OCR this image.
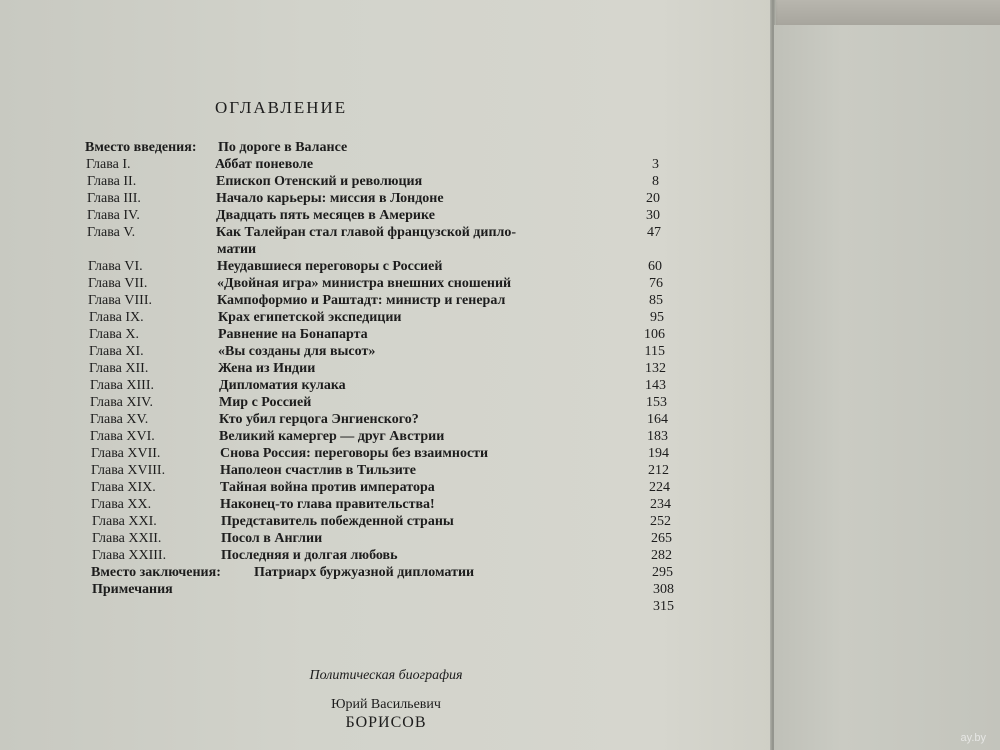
ОГЛАВЛЕНИЕ
Вместо введения: По дороге в Валансе
Глава I.	Аббат поневоле	3
Глава II.	Епископ Отенский и революция	8
Глава III.	Начало карьеры: миссия в Лондоне	20
Глава IV.	Двадцать пять месяцев в Америке	30
Глава V.	Как Талейран стал главой французской дипло-	47
матии
Глава VI.	Неудавшиеся переговоры с Россией	60
Глава VII.	«Двойная игра» министра внешних сношений	76
Глава VIII.	Кампоформио и Раштадт: министр и генерал	85
Глава IX.	Крах египетской экспедиции	95
Глава X.	Равнение на Бонапарта	106
Глава XI.	«Вы созданы для высот»	115
Глава XII.	Жена из Индии	132
Глава XIII.	Дипломатия кулака	143
Глава XIV.	Мир с Россией	153
Глава XV.	Кто убил герцога Энгиенского?	164
Глава XVI.	Великий камергер — друг Австрии	183
Глава XVII.	Снова Россия: переговоры без взаимности	194
Глава XVIII.	Наполеон счастлив в Тильзите	212
Глава XIX.	Тайная война против императора	224
Глава XX.	Наконец-то глава правительства!	234
Глава XXI.	Представитель побежденной страны	252
Глава XXII.	Посол в Англии	265
Глава XXIII.	Последняя и долгая любовь	282
Вместо заключения: Патриарх буржуазной дипломатии	295
Примечания	308
315
Политическая биография
Юрий Васильевич
БОРИСОВ
ay.by
